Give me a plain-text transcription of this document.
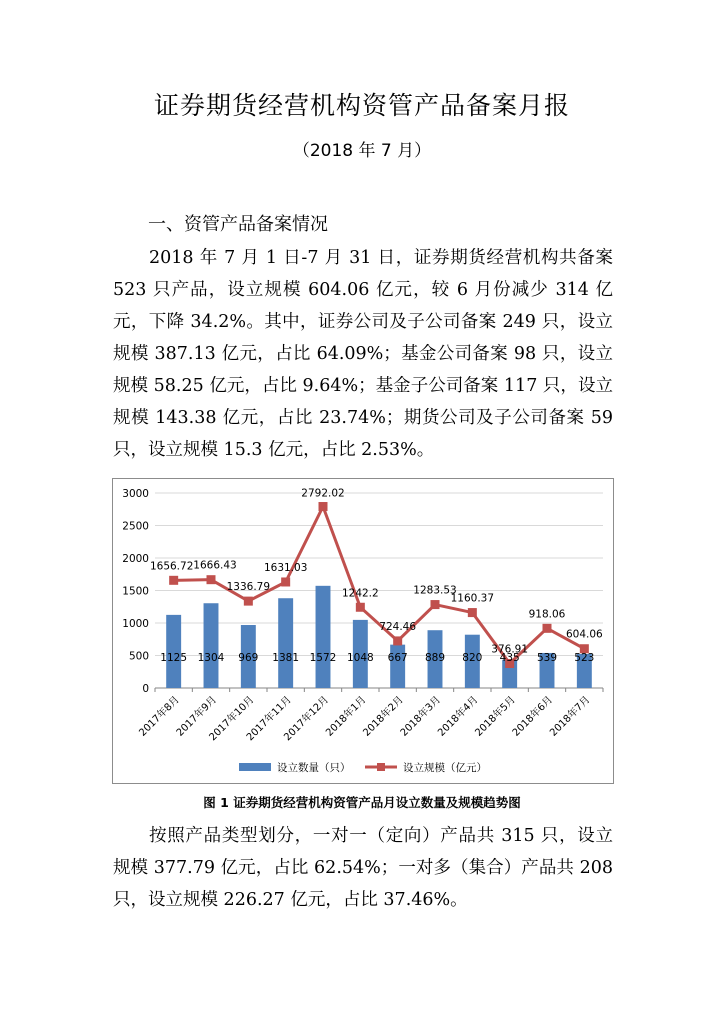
证券期货经营机构资管产品备案月报
（2018 年 7 月）
一、资管产品备案情况

2018 年 7 月 1 日-7 月 31 日，证券期货经营机构共备案 523 只产品，设立规模 604.06 亿元，较 6 月份减少 314 亿元，下降 34.2%。其中，证券公司及子公司备案 249 只，设立规模 387.13 亿元，占比 64.09%；基金公司备案 98 只，设立规模 58.25 亿元，占比 9.64%；基金子公司备案 117 只，设立规模 143.38 亿元，占比 23.74%；期货公司及子公司备案 59 只，设立规模 15.3 亿元，占比 2.53%。

0
500
1000
1500
2000
2500
3000
2017年8月
2017年9月
2017年10月
2017年11月
2017年12月
2018年1月
2018年2月
2018年3月
2018年4月
2018年5月
2018年6月
2018年7月
1125 1304 969 1381 1572 1048 667 889 820 435 539 523
1656.72 1666.43
1336.79
1631.03
2792.02
1242.2
724.46
1283.53
1160.37
376.91
918.06
604.06
设立数量（只）	设立规模（亿元）
图 1 证券期货经营机构资管产品月设立数量及规模趋势图

按照产品类型划分，一对一（定向）产品共 315 只，设立规模 377.79 亿元，占比 62.54%；一对多（集合）产品共 208 只，设立规模 226.27 亿元，占比 37.46%。
